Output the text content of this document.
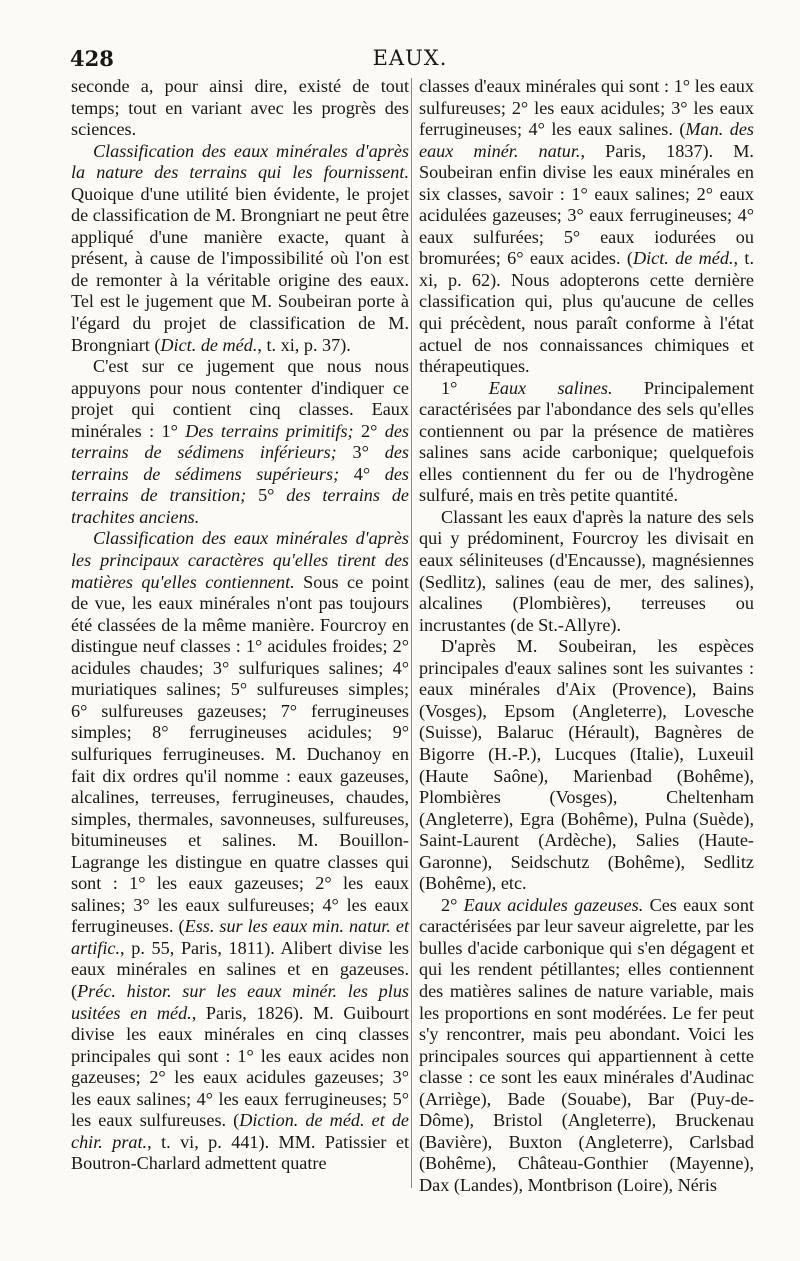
428	EAUX.

seconde a, pour ainsi dire, existé de tout temps; tout en variant avec les progrès des sciences.

Classification des eaux minérales d'après la nature des terrains qui les fournissent. Quoique d'une utilité bien évidente, le projet de classification de M. Brongniart ne peut être appliqué d'une manière exacte, quant à présent, à cause de l'impossibilité où l'on est de remonter à la véritable origine des eaux. Tel est le jugement que M. Soubeiran porte à l'égard du projet de classification de M. Brongniart (Dict. de méd., t. xi, p. 37).

C'est sur ce jugement que nous nous appuyons pour nous contenter d'indiquer ce projet qui contient cinq classes. Eaux minérales : 1° Des terrains primitifs; 2° des terrains de sédimens inférieurs; 3° des terrains de sédimens supérieurs; 4° des terrains de transition; 5° des terrains de trachites anciens.

Classification des eaux minérales d'après les principaux caractères qu'elles tirent des matières qu'elles contiennent. Sous ce point de vue, les eaux minérales n'ont pas toujours été classées de la même manière. Fourcroy en distingue neuf classes : 1° acidules froides; 2° acidules chaudes; 3° sulfuriques salines; 4° muriatiques salines; 5° sulfureuses simples; 6° sulfureuses gazeuses; 7° ferrugineuses simples; 8° ferrugineuses acidules; 9° sulfuriques ferrugineuses. M. Duchanoy en fait dix ordres qu'il nomme : eaux gazeuses, alcalines, terreuses, ferrugineuses, chaudes, simples, thermales, savonneuses, sulfureuses, bitumineuses et salines. M. Bouillon-Lagrange les distingue en quatre classes qui sont : 1° les eaux gazeuses; 2° les eaux salines; 3° les eaux sulfureuses; 4° les eaux ferrugineuses. (Ess. sur les eaux min. natur. et artific., p. 55, Paris, 1811). Alibert divise les eaux minérales en salines et en gazeuses. (Préc. histor. sur les eaux minér. les plus usitées en méd., Paris, 1826). M. Guibourt divise les eaux minérales en cinq classes principales qui sont : 1° les eaux acides non gazeuses; 2° les eaux acidules gazeuses; 3° les eaux salines; 4° les eaux ferrugineuses; 5° les eaux sulfureuses. (Diction. de méd. et de chir. prat., t. vi, p. 441). MM. Patissier et Boutron-Charlard admettent quatre

classes d'eaux minérales qui sont : 1° les eaux sulfureuses; 2° les eaux acidules; 3° les eaux ferrugineuses; 4° les eaux salines. (Man. des eaux minér. natur., Paris, 1837). M. Soubeiran enfin divise les eaux minérales en six classes, savoir : 1° eaux salines; 2° eaux acidulées gazeuses; 3° eaux ferrugineuses; 4° eaux sulfurées; 5° eaux iodurées ou bromurées; 6° eaux acides. (Dict. de méd., t. xi, p. 62). Nous adopterons cette dernière classification qui, plus qu'aucune de celles qui précèdent, nous paraît conforme à l'état actuel de nos connaissances chimiques et thérapeutiques.

1° Eaux salines. Principalement caractérisées par l'abondance des sels qu'elles contiennent ou par la présence de matières salines sans acide carbonique; quelquefois elles contiennent du fer ou de l'hydrogène sulfuré, mais en très petite quantité.

Classant les eaux d'après la nature des sels qui y prédominent, Fourcroy les divisait en eaux séliniteuses (d'Encausse), magnésiennes (Sedlitz), salines (eau de mer, des salines), alcalines (Plombières), terreuses ou incrustantes (de St.-Allyre).

D'après M. Soubeiran, les espèces principales d'eaux salines sont les suivantes : eaux minérales d'Aix (Provence), Bains (Vosges), Epsom (Angleterre), Lovesche (Suisse), Balaruc (Hérault), Bagnères de Bigorre (H.-P.), Lucques (Italie), Luxeuil (Haute Saône), Marienbad (Bohême), Plombières (Vosges), Cheltenham (Angleterre), Egra (Bohême), Pulna (Suède), Saint-Laurent (Ardèche), Salies (Haute-Garonne), Seidschutz (Bohême), Sedlitz (Bohême), etc.

2° Eaux acidules gazeuses. Ces eaux sont caractérisées par leur saveur aigrelette, par les bulles d'acide carbonique qui s'en dégagent et qui les rendent pétillantes; elles contiennent des matières salines de nature variable, mais les proportions en sont modérées. Le fer peut s'y rencontrer, mais peu abondant. Voici les principales sources qui appartiennent à cette classe : ce sont les eaux minérales d'Audinac (Arriège), Bade (Souabe), Bar (Puy-de-Dôme), Bristol (Angleterre), Bruckenau (Bavière), Buxton (Angleterre), Carlsbad (Bohême), Château-Gonthier (Mayenne), Dax (Landes), Montbrison (Loire), Néris
